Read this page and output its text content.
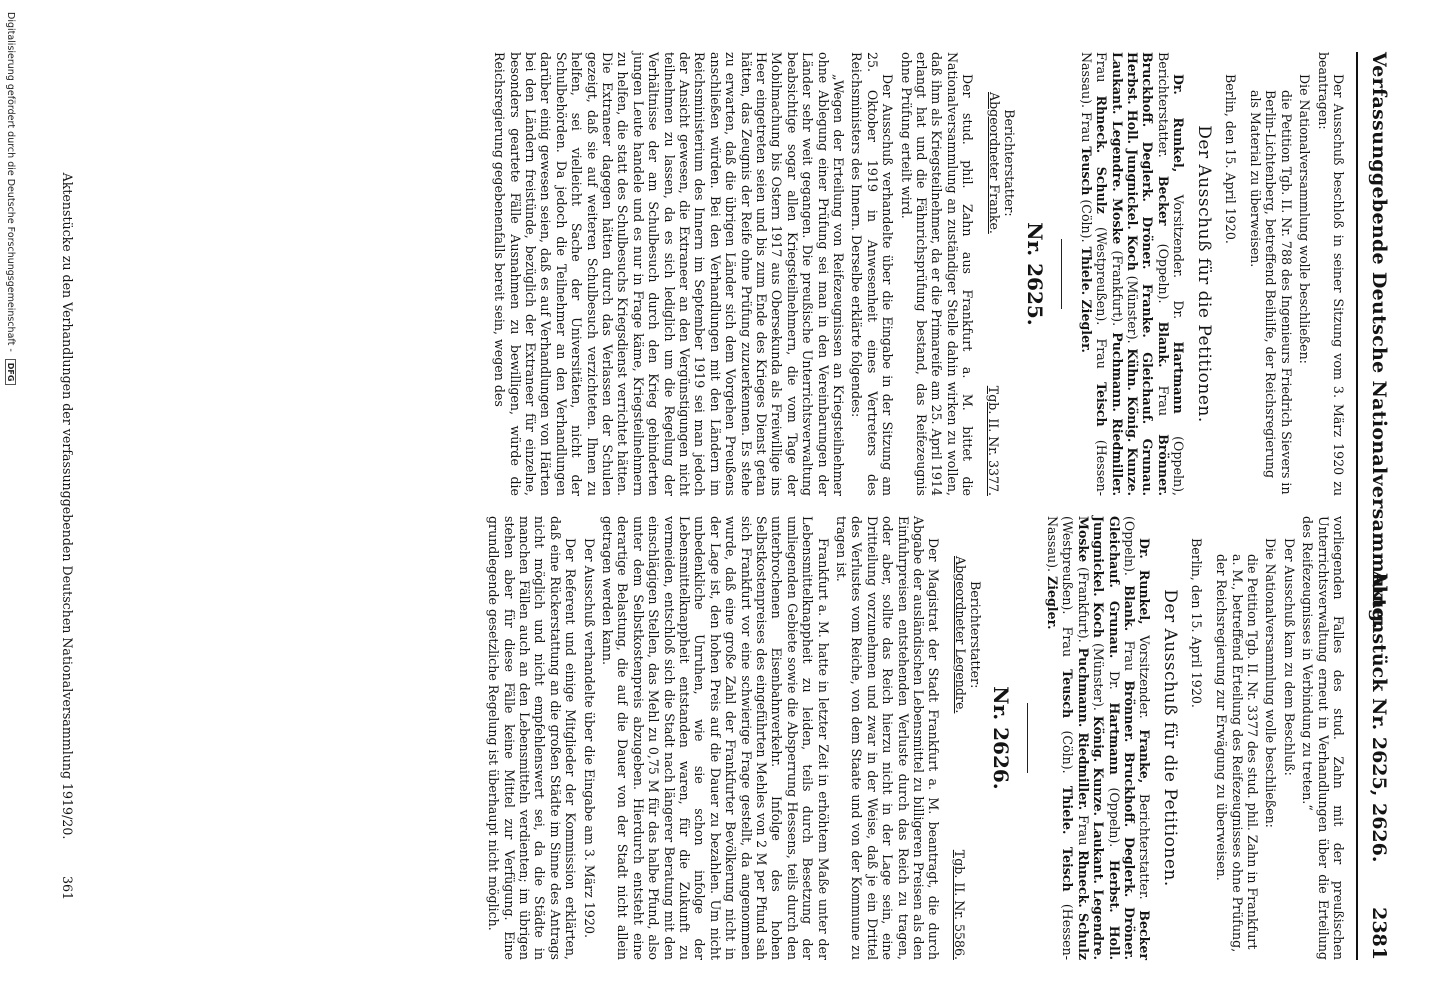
Digitalisierung gefördert durch die Deutsche Forschungsgemeinschaft - DFG	Verfassunggebende Deutsche Nationalversammlung.
Aktenstück Nr. 2625, 2626. 2381

Der Ausschuß beschloß in seiner Sitzung vom 3. März 1920 zu beantragen:

Die Nationalversammlung wolle beschließen:

die Petition Tgb. II. Nr. 788 des Ingenieurs Friedrich Sievers in Berlin-Lichtenberg, betreffend Beihilfe, der Reichsregierung als Material zu überweisen.

Berlin, den 15. April 1920.

Der Ausschuß für die Petitionen.
Dr. Runkel, Vorsitzender. Dr. Hartmann (Oppeln), Berichterstatter. Becker (Oppeln). Blank. Frau Brönner. Bruckhoff. Deglerk. Dröner. Franke. Gleichauf. Grunau. Herbst. Holl. Jungnickel. Koch (Münster). Kühn. König. Kunze. Laukant. Legendre. Moske (Frankfurt). Puchmann. Riedmiller. Frau Rhneck. Schulz (Westpreußen). Frau Teisch (Hessen-Nassau). Frau Teusch (Cöln). Thiele. Ziegler.
Nr. 2625.
Berichterstatter:
Abgeordneter Franke.
Tgb. II. Nr. 3377.

Der stud. phil. Zahn aus Frankfurt a. M. bittet die Nationalversammlung an zuständiger Stelle dahin wirken zu wollen, daß ihm als Kriegsteilnehmer, da er die Primareife am 25. April 1914 erlangt hat und die Fähnrichsprüfung bestand, das Reifezeugnis ohne Prüfung erteilt wird.

Der Ausschuß verhandelte über die Eingabe in der Sitzung am 25. Oktober 1919 in Anwesenheit eines Vertreters des Reichsministers des Innern. Derselbe erklärte folgendes:

„Wegen der Erteilung von Reifezeugnissen an Kriegsteilnehmer ohne Ablegung einer Prüfung sei man in den Vereinbarungen der Länder sehr weit gegangen. Die preußische Unterrichtsverwaltung beabsichtige sogar allen Kriegsteilnehmern, die vom Tage der Mobilmachung bis Ostern 1917 aus Obersekunda als Freiwillige ins Heer eingetreten seien und bis zum Ende des Krieges Dienst getan hätten, das Zeugnis der Reife ohne Prüfung zuzuerkennen. Es stehe zu erwarten, daß die übrigen Länder sich dem Vorgehen Preußens anschließen würden. Bei den Verhandlungen mit den Ländern im Reichsministerium des Innern im September 1919 sei man jedoch der Ansicht gewesen, die Extraneer an den Vergünstigungen nicht teilnehmen zu lassen, da es sich lediglich um die Regelung der Verhältnisse der am Schulbesuch durch den Krieg gehinderten jungen Leute handele und es nur in Frage käme, Kriegsteilnehmern zu helfen, die statt des Schulbesuchs Kriegsdienst verrichtet hätten. Die Extraneer dagegen hätten durch das Verlassen der Schulen gezeigt, daß sie auf weiteren Schulbesuch verzichteten. Ihnen zu helfen, sei vielleicht Sache der Universitäten, nicht der Schulbehörden. Da jedoch die Teilnehmer an den Verhandlungen darüber einig gewesen seien, daß es auf Verhandlungen von Härten bei den Ländern freistünde, bezüglich der Extraneer für einzelne, besonders geartete Fälle Ausnahmen zu bewilligen, würde die Reichsregierung gegebenenfalls bereit sein, wegen des

vorliegenden Falles des stud. Zahn mit der preußischen Unterrichtsverwaltung erneut in Verhandlungen über die Erteilung des Reifezeugnisses in Verbindung zu treten.“

Der Ausschuß kam zu dem Beschluß:

Die Nationalversammlung wolle beschließen:

die Petition Tgb. II. Nr. 3377 des stud. phil. Zahn in Frankfurt a. M., betreffend Erteilung des Reifezeugnisses ohne Prüfung, der Reichsregierung zur Erwägung zu überweisen.

Berlin, den 15. April 1920.

Der Ausschuß für die Petitionen.
Dr. Runkel, Vorsitzender. Franke, Berichterstatter. Becker (Oppeln). Blank. Frau Brönner. Bruckhoff. Deglerk. Dröner. Gleichauf. Grunau. Dr. Hartmann (Oppeln). Herbst. Holl. Jungnickel. Koch (Münster). König. Kunze. Laukant. Legendre. Moske (Frankfurt). Puchmann. Riedmiller. Frau Rhneck. Schulz (Westpreußen). Frau Teusch (Cöln). Thiele. Teisch (Hessen-Nassau). Ziegler.
Nr. 2626.
Berichterstatter:
Abgeordneter Legendre.
Tgb. II. Nr. 5586.

Der Magistrat der Stadt Frankfurt a. M. beantragt, die durch Abgabe der ausländischen Lebensmittel zu billigeren Preisen als den Einfuhrpreisen entstehenden Verluste durch das Reich zu tragen, oder aber, sollte das Reich hierzu nicht in der Lage sein, eine Dritteilung vorzunehmen und zwar in der Weise, daß je ein Drittel des Verlustes vom Reiche, von dem Staate und von der Kommune zu tragen ist.

Frankfurt a. M. hatte in letzter Zeit in erhöhtem Maße unter der Lebensmittelknappheit zu leiden, teils durch Besetzung der umliegenden Gebiete sowie die Absperrung Hessens, teils durch den unterbrochenen Eisenbahnverkehr. Infolge des hohen Selbstkostenpreises des eingeführten Mehles von 2 M per Pfund sah sich Frankfurt vor eine schwierige Frage gestellt, da angenommen wurde, daß eine große Zahl der Frankfurter Bevölkerung nicht in der Lage ist, den hohen Preis auf die Dauer zu bezahlen. Um nicht unbedenkliche Unruhen, wie sie schon infolge der Lebensmittelknappheit entstanden waren, für die Zukunft zu vermeiden, entschloß sich die Stadt nach längerer Beratung mit den einschlägigen Stellen, das Mehl zu 0,75 M für das halbe Pfund, also unter dem Selbstkostenpreis abzugeben. Hierdurch entsteht eine derartige Belastung, die auf die Dauer von der Stadt nicht allein getragen werden kann.

Der Ausschuß verhandelte über die Eingabe am 3. März 1920.

Der Referent und einige Mitglieder der Kommission erklärten, daß eine Rückerstattung an die großen Städte im Sinne des Antrags nicht möglich und nicht empfehlenswert sei, da die Städte in manchen Fällen auch an den Lebensmitteln verdienten; im übrigen stehen aber für diese Fälle keine Mittel zur Verfügung. Eine grundlegende gesetzliche Regelung ist überhaupt nicht möglich.

Aktenstücke zu den Verhandlungen der verfassunggebenden Deutschen Nationalversammlung 1919/20.
361
